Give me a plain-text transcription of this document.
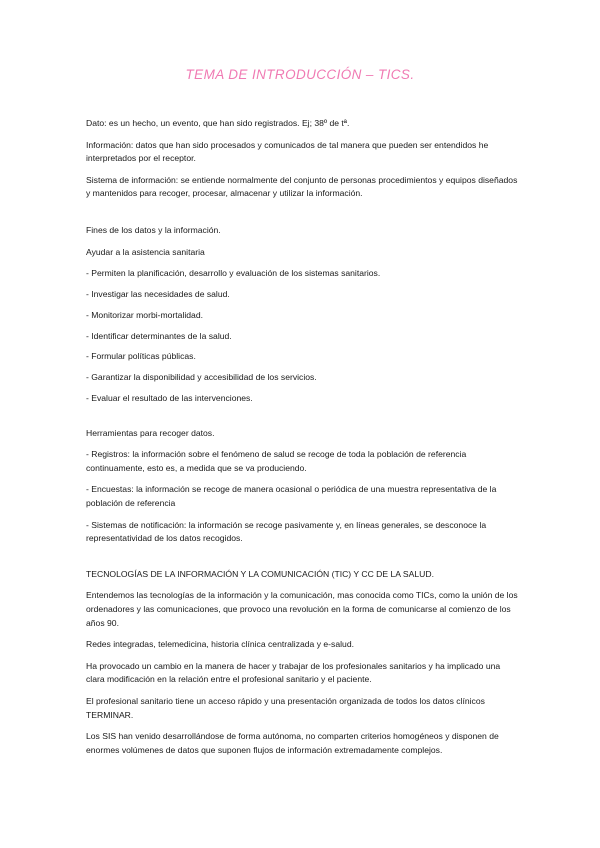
TEMA DE INTRODUCCIÓN – TICS.

Dato: es un hecho, un evento, que han sido registrados. Ej; 38º de tª.

Información: datos que han sido procesados y comunicados de tal manera que pueden ser entendidos he interpretados por el receptor.

Sistema de información: se entiende normalmente del conjunto de personas procedimientos y equipos diseñados y mantenidos para recoger, procesar, almacenar y utilizar la información.

Fines de los datos y la información.

Ayudar a la asistencia sanitaria

- Permiten la planificación, desarrollo y evaluación de los sistemas sanitarios.

- Investigar las necesidades de salud.

- Monitorizar morbi-mortalidad.

- Identificar determinantes de la salud.

- Formular políticas públicas.

- Garantizar la disponibilidad y accesibilidad de los servicios.

- Evaluar el resultado de las intervenciones.

Herramientas para recoger datos.

- Registros: la información sobre el fenómeno de salud se recoge de toda la población de referencia continuamente, esto es, a medida que se va produciendo.

- Encuestas: la información se recoge de manera ocasional o periódica de una muestra representativa de la población de referencia

- Sistemas de notificación: la información se recoge pasivamente y, en líneas generales, se desconoce la representatividad de los datos recogidos.

TECNOLOGÍAS DE LA INFORMACIÓN Y LA COMUNICACIÓN (TIC) Y CC DE LA SALUD.

Entendemos las tecnologías de la información y la comunicación, mas conocida como TICs, como la unión de los ordenadores y las comunicaciones, que provoco una revolución en la forma de comunicarse al comienzo de los años 90.

Redes integradas, telemedicina, historia clínica centralizada y e-salud.

Ha provocado un cambio en la manera de hacer y trabajar de los profesionales sanitarios y ha implicado una clara modificación en la relación entre el profesional sanitario y el paciente.

El profesional sanitario tiene un acceso rápido y una presentación organizada de todos los datos clínicos TERMINAR.

Los SIS han venido desarrollándose de forma autónoma, no comparten criterios homogéneos y disponen de enormes volúmenes de datos que suponen flujos de información extremadamente complejos.
